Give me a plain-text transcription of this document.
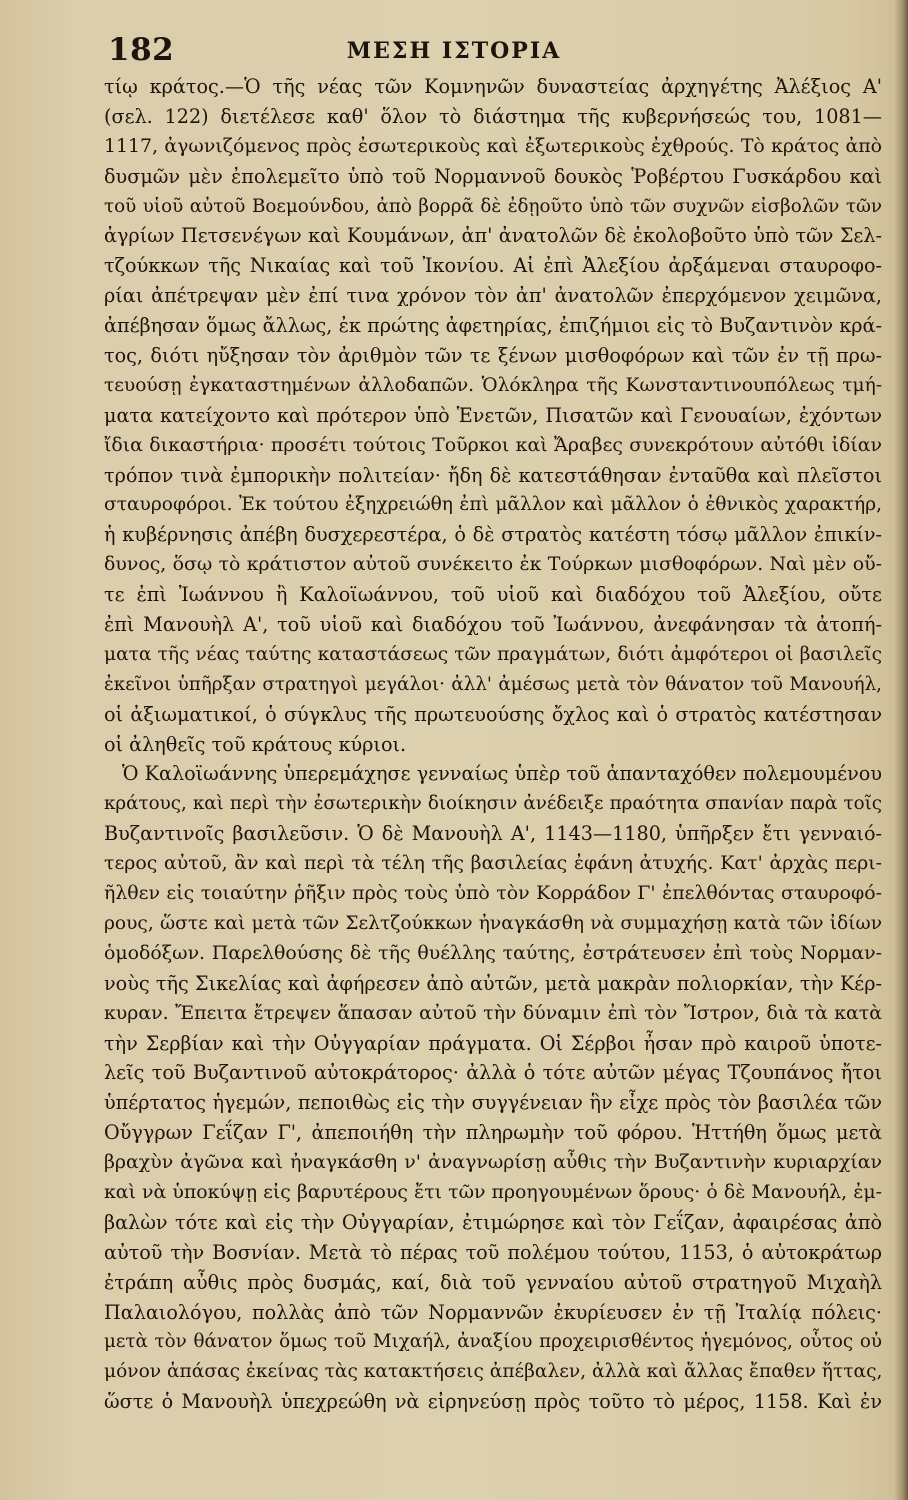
182	ΜΕΣΗ ΙΣΤΟΡΙΑ
τίῳ κράτος.—Ὁ τῆς νέας τῶν Κομνηνῶν δυναστείας ἀρχηγέτης Ἀλέξιος Α'
(σελ. 122) διετέλεσε καθ' ὅλον τὸ διάστημα τῆς κυβερνήσεώς του, 1081—
1117, ἀγωνιζόμενος πρὸς ἐσωτερικοὺς καὶ ἐξωτερικοὺς ἐχθρούς. Τὸ κράτος ἀπὸ
δυσμῶν μὲν ἐπολεμεῖτο ὑπὸ τοῦ Νορμαννοῦ δουκὸς Ῥοβέρτου Γυσκάρδου καὶ
τοῦ υἱοῦ αὐτοῦ Βοεμούνδου, ἀπὸ βορρᾶ δὲ ἐδῃοῦτο ὑπὸ τῶν συχνῶν εἰσβολῶν τῶν
ἀγρίων Πετσενέγων καὶ Κουμάνων, ἀπ' ἀνατολῶν δὲ ἐκολοβοῦτο ὑπὸ τῶν Σελ-
τζούκκων τῆς Νικαίας καὶ τοῦ Ἰκονίου. Αἱ ἐπὶ Ἀλεξίου ἀρξάμεναι σταυροφο-
ρίαι ἀπέτρεψαν μὲν ἐπί τινα χρόνον τὸν ἀπ' ἀνατολῶν ἐπερχόμενον χειμῶνα,
ἀπέβησαν ὅμως ἄλλως, ἐκ πρώτης ἀφετηρίας, ἐπιζήμιοι εἰς τὸ Βυζαντινὸν κρά-
τος, διότι ηὔξησαν τὸν ἀριθμὸν τῶν τε ξένων μισθοφόρων καὶ τῶν ἐν τῇ πρω-
τευούσῃ ἐγκαταστημένων ἀλλοδαπῶν. Ὁλόκληρα τῆς Κωνσταντινουπόλεως τμή-
ματα κατείχοντο καὶ πρότερον ὑπὸ Ἑνετῶν, Πισατῶν καὶ Γενουαίων, ἐχόντων
ἴδια δικαστήρια· προσέτι τούτοις Τοῦρκοι καὶ Ἄραβες συνεκρότουν αὐτόθι ἰδίαν
τρόπον τινὰ ἐμπορικὴν πολιτείαν· ἤδη δὲ κατεστάθησαν ἐνταῦθα καὶ πλεῖστοι
σταυροφόροι. Ἐκ τούτου ἐξηχρειώθη ἐπὶ μᾶλλον καὶ μᾶλλον ὁ ἐθνικὸς χαρακτήρ,
ἡ κυβέρνησις ἀπέβη δυσχερεστέρα, ὁ δὲ στρατὸς κατέστη τόσῳ μᾶλλον ἐπικίν-
δυνος, ὅσῳ τὸ κράτιστον αὐτοῦ συνέκειτο ἐκ Τούρκων μισθοφόρων. Ναὶ μὲν οὔ-
τε ἐπὶ Ἰωάννου ἢ Καλοϊωάννου, τοῦ υἱοῦ καὶ διαδόχου τοῦ Ἀλεξίου, οὔτε
ἐπὶ Μανουὴλ Α', τοῦ υἱοῦ καὶ διαδόχου τοῦ Ἰωάννου, ἀνεφάνησαν τὰ ἀτοπή-
ματα τῆς νέας ταύτης καταστάσεως τῶν πραγμάτων, διότι ἀμφότεροι οἱ βασιλεῖς
ἐκεῖνοι ὑπῆρξαν στρατηγοὶ μεγάλοι· ἀλλ' ἀμέσως μετὰ τὸν θάνατον τοῦ Μανουήλ,
οἱ ἀξιωματικοί, ὁ σύγκλυς τῆς πρωτευούσης ὄχλος καὶ ὁ στρατὸς κατέστησαν
οἱ ἀληθεῖς τοῦ κράτους κύριοι.
Ὁ Καλοϊωάννης ὑπερεμάχησε γενναίως ὑπὲρ τοῦ ἁπανταχόθεν πολεμουμένου
κράτους, καὶ περὶ τὴν ἐσωτερικὴν διοίκησιν ἀνέδειξε πραότητα σπανίαν παρὰ τοῖς
Βυζαντινοῖς βασιλεῦσιν. Ὁ δὲ Μανουὴλ Α', 1143—1180, ὑπῆρξεν ἔτι γενναιό-
τερος αὐτοῦ, ἂν καὶ περὶ τὰ τέλη τῆς βασιλείας ἐφάνη ἀτυχής. Κατ' ἀρχὰς περι-
ῆλθεν εἰς τοιαύτην ῥῆξιν πρὸς τοὺς ὑπὸ τὸν Κορράδον Γ' ἐπελθόντας σταυροφό-
ρους, ὥστε καὶ μετὰ τῶν Σελτζούκκων ἠναγκάσθη νὰ συμμαχήσῃ κατὰ τῶν ἰδίων
ὁμοδόξων. Παρελθούσης δὲ τῆς θυέλλης ταύτης, ἐστράτευσεν ἐπὶ τοὺς Νορμαν-
νοὺς τῆς Σικελίας καὶ ἀφήρεσεν ἀπὸ αὐτῶν, μετὰ μακρὰν πολιορκίαν, τὴν Κέρ-
κυραν. Ἔπειτα ἔτρεψεν ἅπασαν αὐτοῦ τὴν δύναμιν ἐπὶ τὸν Ἴστρον, διὰ τὰ κατὰ
τὴν Σερβίαν καὶ τὴν Οὐγγαρίαν πράγματα. Οἱ Σέρβοι ἦσαν πρὸ καιροῦ ὑποτε-
λεῖς τοῦ Βυζαντινοῦ αὐτοκράτορος· ἀλλὰ ὁ τότε αὐτῶν μέγας Τζουπάνος ἤτοι
ὑπέρτατος ἡγεμών, πεποιθὼς εἰς τὴν συγγένειαν ἣν εἶχε πρὸς τὸν βασιλέα τῶν
Οὔγγρων Γεΐζαν Γ', ἀπεποιήθη τὴν πληρωμὴν τοῦ φόρου. Ἡττήθη ὅμως μετὰ
βραχὺν ἀγῶνα καὶ ἠναγκάσθη ν' ἀναγνωρίσῃ αὖθις τὴν Βυζαντινὴν κυριαρχίαν
καὶ νὰ ὑποκύψῃ εἰς βαρυτέρους ἔτι τῶν προηγουμένων ὅρους· ὁ δὲ Μανουήλ, ἐμ-
βαλὼν τότε καὶ εἰς τὴν Οὐγγαρίαν, ἐτιμώρησε καὶ τὸν Γεΐζαν, ἀφαιρέσας ἀπὸ
αὐτοῦ τὴν Βοσνίαν. Μετὰ τὸ πέρας τοῦ πολέμου τούτου, 1153, ὁ αὐτοκράτωρ
ἐτράπη αὖθις πρὸς δυσμάς, καί, διὰ τοῦ γενναίου αὐτοῦ στρατηγοῦ Μιχαὴλ
Παλαιολόγου, πολλὰς ἀπὸ τῶν Νορμαννῶν ἐκυρίευσεν ἐν τῇ Ἰταλίᾳ πόλεις·
μετὰ τὸν θάνατον ὅμως τοῦ Μιχαήλ, ἀναξίου προχειρισθέντος ἡγεμόνος, οὗτος οὐ
μόνον ἁπάσας ἐκείνας τὰς κατακτήσεις ἀπέβαλεν, ἀλλὰ καὶ ἄλλας ἔπαθεν ἥττας,
ὥστε ὁ Μανουὴλ ὑπεχρεώθη νὰ εἰρηνεύσῃ πρὸς τοῦτο τὸ μέρος, 1158. Καὶ ἐν
